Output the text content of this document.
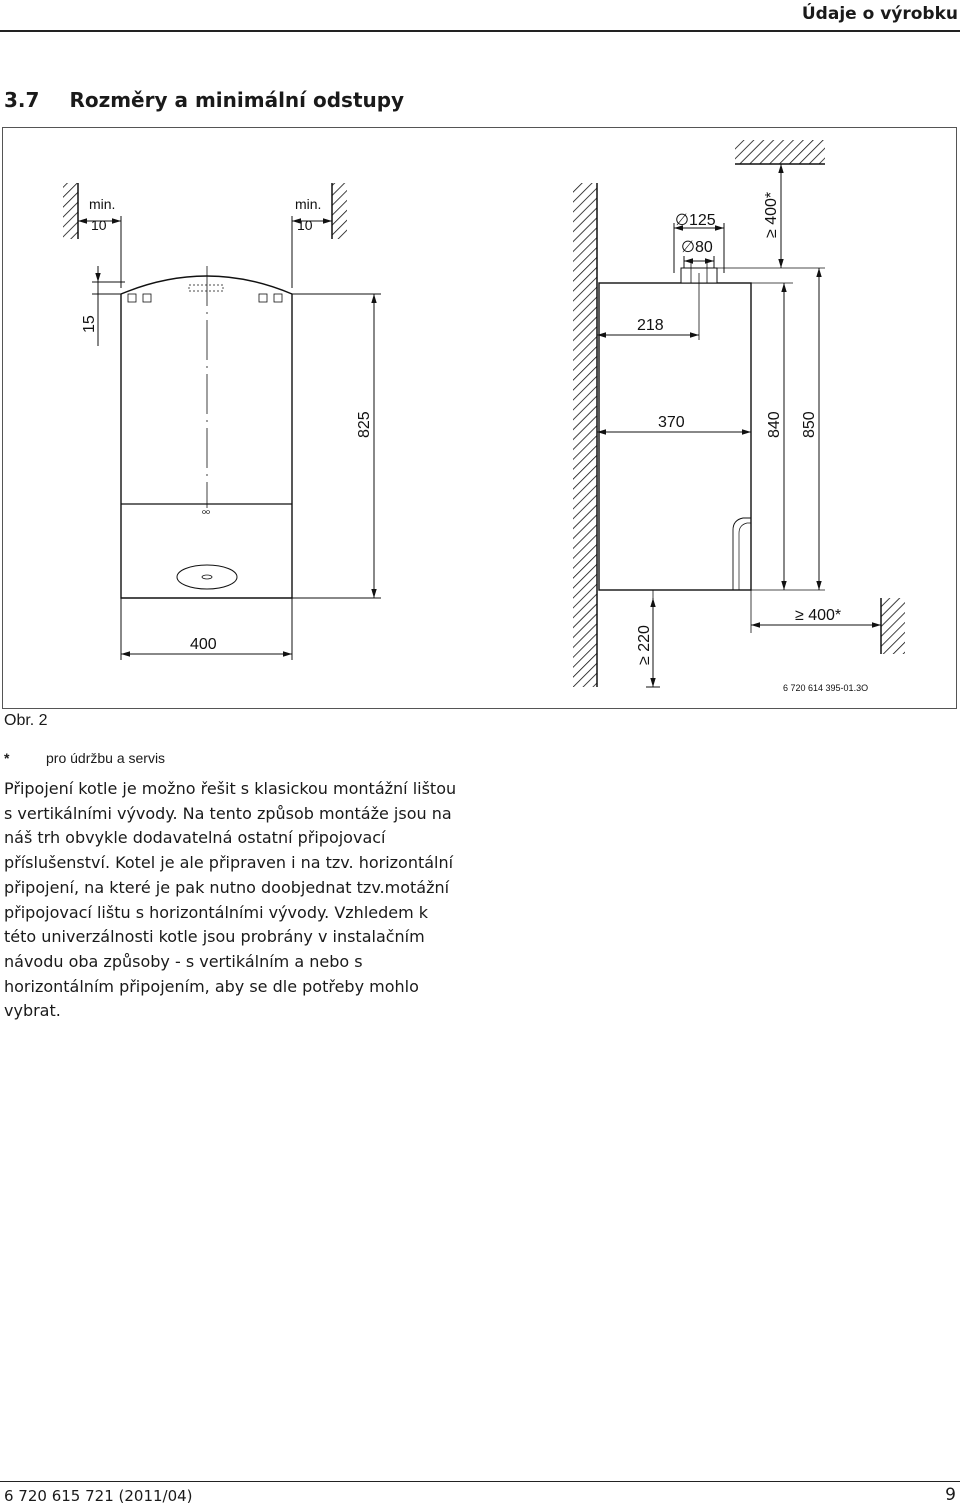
Údaje o výrobku
3.7 Rozměry a minimální odstupy
min.
10
min.
10
15
825
400
∅125
∅80
≥ 400*
218
370	840 850
≥ 220
≥ 400*
6 720 614 395-01.3O
Obr. 2
*	pro údržbu a servis
Připojení kotle je možno řešit s klasickou montážní lištou
s vertikálními vývody. Na tento způsob montáže jsou na
náš trh obvykle dodavatelná ostatní připojovací
příslušenství. Kotel je ale připraven i na tzv. horizontální
připojení, na které je pak nutno doobjednat tzv.motážní
připojovací lištu s horizontálními vývody. Vzhledem k
této univerzálnosti kotle jsou probrány v instalačním
návodu oba způsoby - s vertikálním a nebo s
horizontálním připojením, aby se dle potřeby mohlo
vybrat.
6 720 615 721 (2011/04)	9
